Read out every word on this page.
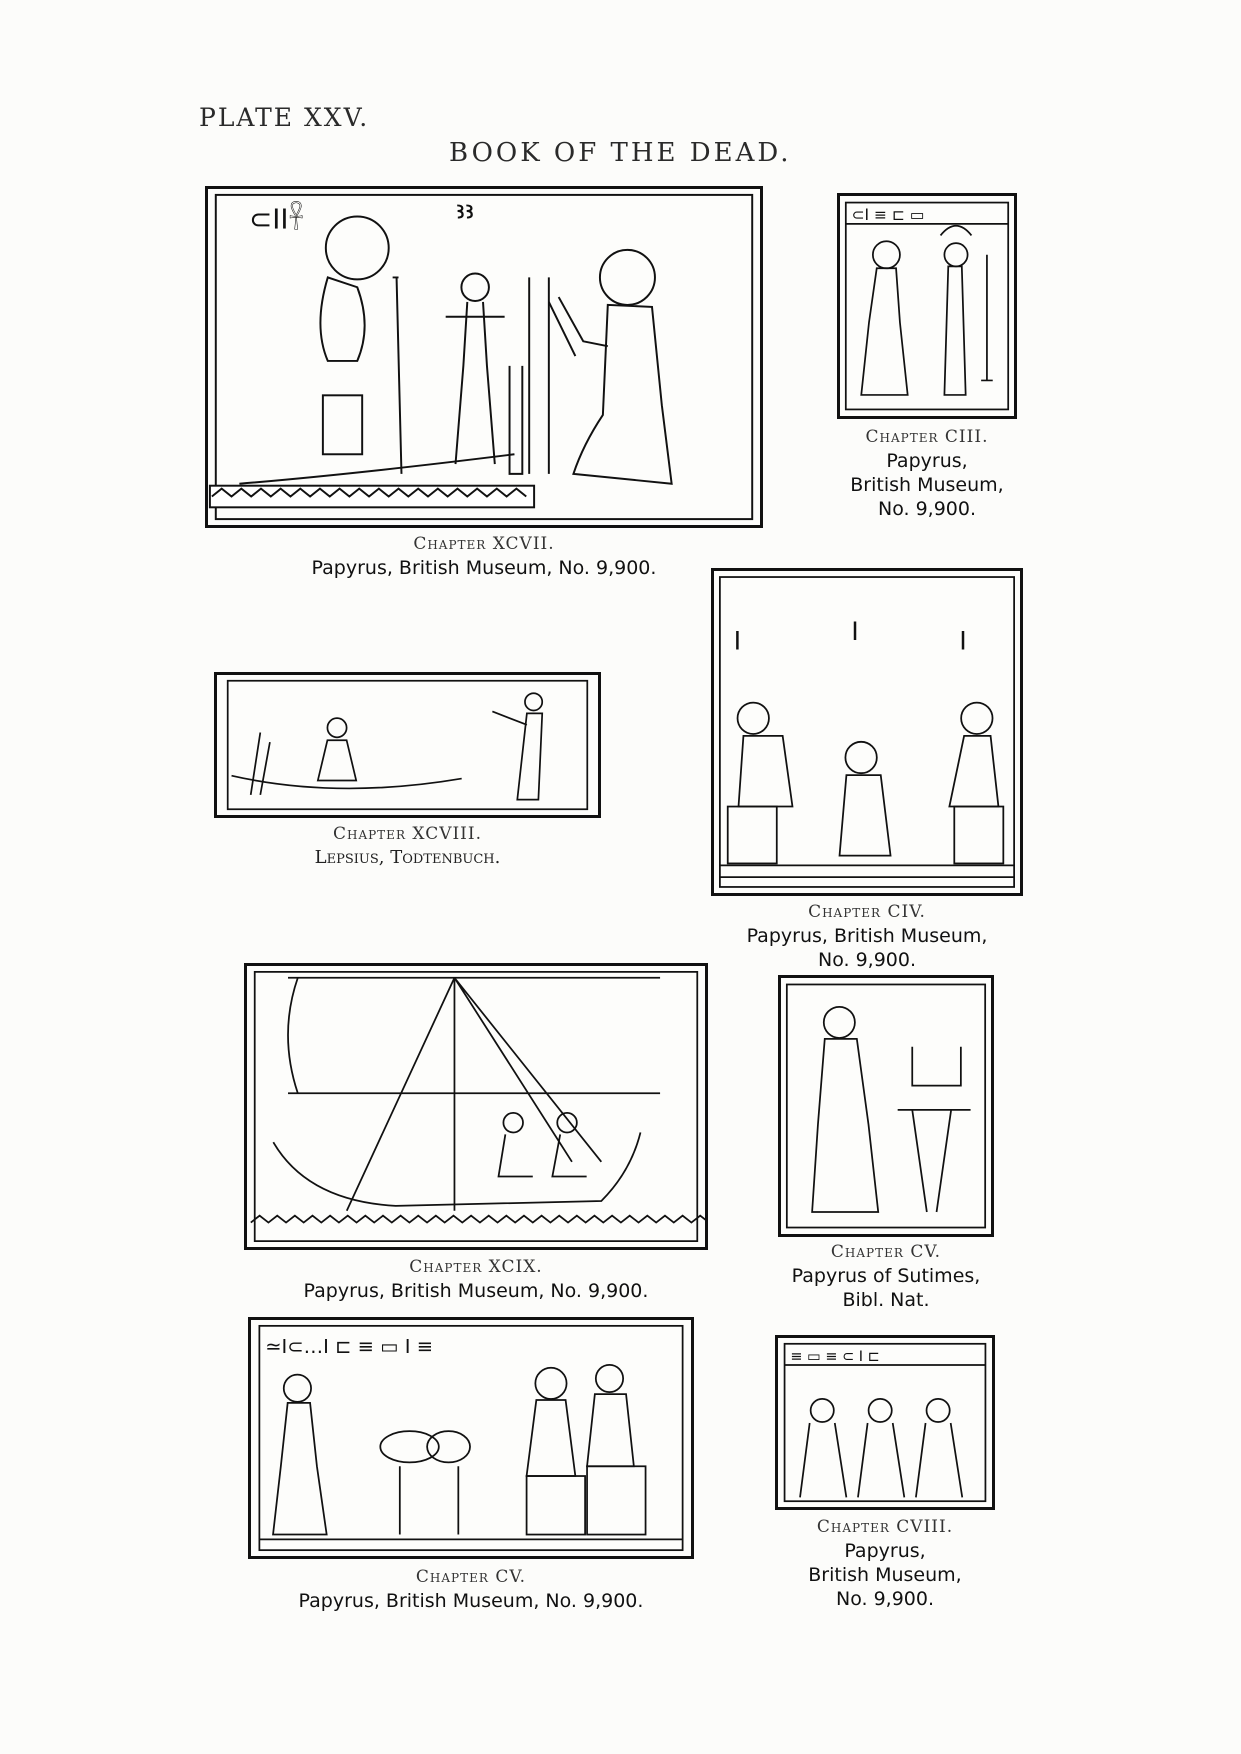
PLATE XXV.
BOOK OF THE DEAD.
⊂ⵏⵏ𓋹	ꜣꜣ
Chapter XCVII.
Papyrus, British Museum, No. 9,900.
⊂ⵏ ≡ ⊏ ▭
Chapter CIII.
Papyrus,
British Museum,
No. 9,900.
Chapter XCVIII.
Lepsius, Todtenbuch.
ⵏ	ⵏ	ⵏ
Chapter CIV.
Papyrus, British Museum,
No. 9,900.
Chapter XCIX.
Papyrus, British Museum, No. 9,900.
Chapter CV.
Papyrus of Sutimes,
Bibl. Nat.
≃ⵏ⊂…ⵏ ⊏ ≡ ▭ ⵏ ≡
Chapter CV.
Papyrus, British Museum, No. 9,900.
≡ ▭ ≡ ⊂ ⵏ ⊏
Chapter CVIII.
Papyrus,
British Museum,
No. 9,900.
